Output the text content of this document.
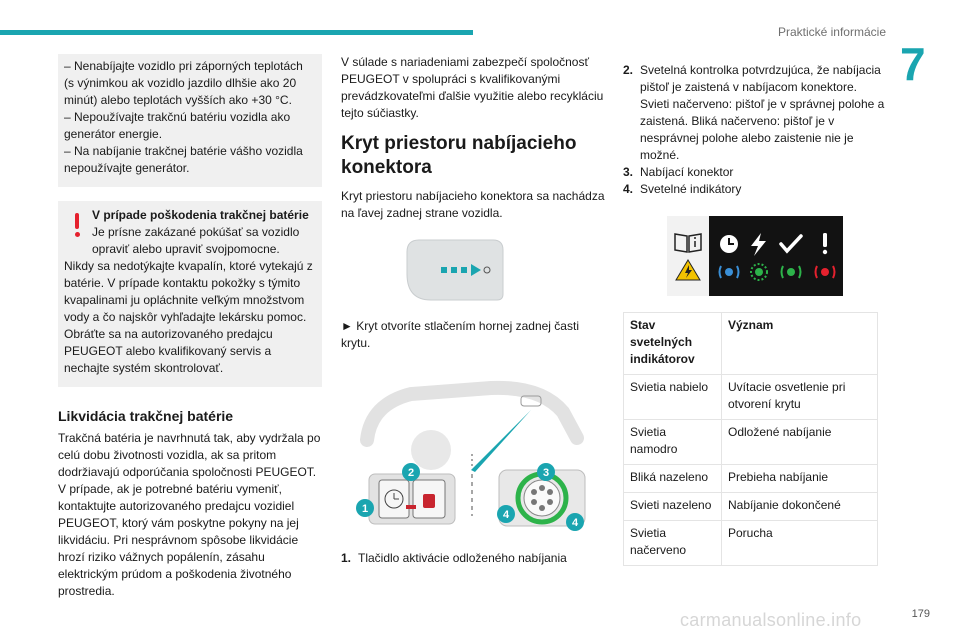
Praktické informácie
7

– Nenabíjajte vozidlo pri záporných teplotách (s výnimkou ak vozidlo jazdilo dlhšie ako 20 minút) alebo teplotách vyšších ako +30 °C.

– Nepoužívajte trakčnú batériu vozidla ako generátor energie.

– Na nabíjanie trakčnej batérie vášho vozidla nepoužívajte generátor.

V prípade poškodenia trakčnej batérie

Je prísne zakázané pokúšať sa vozidlo opraviť alebo upraviť svojpomocne.

Nikdy sa nedotýkajte kvapalín, ktoré vytekajú z batérie. V prípade kontaktu pokožky s týmito kvapalinami ju opláchnite veľkým množstvom vody a čo najskôr vyhľadajte lekársku pomoc.

Obráťte sa na autorizovaného predajcu PEUGEOT alebo kvalifikovaný servis a nechajte systém skontrolovať.

Likvidácia trakčnej batérie

Trakčná batéria je navrhnutá tak, aby vydržala po celú dobu životnosti vozidla, ak sa pritom dodržiavajú odporúčania spoločnosti PEUGEOT. V prípade, ak je potrebné batériu vymeniť, kontaktujte autorizovaného predajcu vozidiel PEUGEOT, ktorý vám poskytne pokyny na jej likvidáciu. Pri nesprávnom spôsobe likvidácie hrozí riziko vážnych popálenín, zásahu elektrickým prúdom a poškodenia životného prostredia.

V súlade s nariadeniami zabezpečí spoločnosť PEUGEOT v spolupráci s kvalifikovanými prevádzkovateľmi ďalšie využitie alebo recykláciu tejto súčiastky.

Kryt priestoru nabíjacieho konektora

Kryt priestoru nabíjacieho konektora sa nachádza na ľavej zadnej strane vozidla.

► Kryt otvoríte stlačením hornej zadnej časti krytu.

1
2	3
4
4
1. Tlačidlo aktivácie odloženého nabíjania
2. Svetelná kontrolka potvrdzujúca, že nabíjacia pištoľ je zaistená v nabíjacom konektore. Svieti načerveno: pištoľ je v správnej polohe a zaistená. Bliká načerveno: pištoľ je v nesprávnej polohe alebo zaistenie nie je možné.
3. Nabíjací konektor
4. Svetelné indikátory
Stav svetelných indikátorov	Význam
Svietia nabielo	Uvítacie osvetlenie pri otvorení krytu
Svietia namodro	Odložené nabíjanie
Bliká nazeleno	Prebieha nabíjanie
Svieti nazeleno	Nabíjanie dokončené
Svietia načerveno	Porucha
179
carmanualsonline.info
